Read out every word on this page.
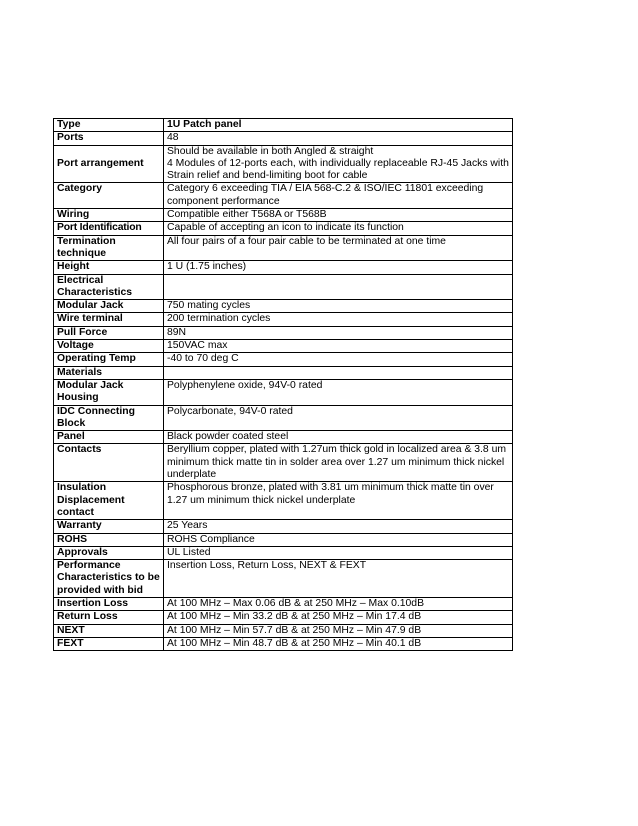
Type	1U Patch panel
Ports	48
Port arrangement	Should be available in both Angled & straight
4 Modules of 12-ports each, with individually replaceable RJ-45 Jacks with Strain relief and bend-limiting boot for cable
Category	Category 6 exceeding TIA / EIA 568-C.2 & ISO/IEC 11801 exceeding component performance
Wiring	Compatible either T568A or T568B
Port Identification	Capable of accepting an icon to indicate its function
Termination technique	All four pairs of a four pair cable to be terminated at one time
Height	1 U (1.75 inches)
Electrical Characteristics	
Modular Jack	750 mating cycles
Wire terminal	200 termination cycles
Pull Force	89N
Voltage	150VAC max
Operating Temp	-40 to 70 deg C
Materials	
Modular Jack Housing	Polyphenylene oxide, 94V-0 rated
IDC Connecting Block	Polycarbonate, 94V-0 rated
Panel	Black powder coated steel
Contacts	Beryllium copper, plated with 1.27um thick gold in localized area & 3.8 um minimum thick matte tin in solder area over 1.27 um minimum thick nickel underplate
Insulation Displacement contact	Phosphorous bronze, plated with 3.81 um minimum thick matte tin over 1.27 um minimum thick nickel underplate
Warranty	25 Years
ROHS	ROHS Compliance
Approvals	UL Listed
Performance Characteristics to be provided with bid	Insertion Loss, Return Loss, NEXT & FEXT
Insertion Loss	At 100 MHz – Max 0.06 dB & at 250 MHz – Max 0.10dB
Return Loss	At 100 MHz – Min 33.2 dB & at 250 MHz – Min 17.4 dB
NEXT	At 100 MHz – Min 57.7 dB & at 250 MHz – Min 47.9 dB
FEXT	At 100 MHz – Min 48.7 dB & at 250 MHz – Min 40.1 dB
